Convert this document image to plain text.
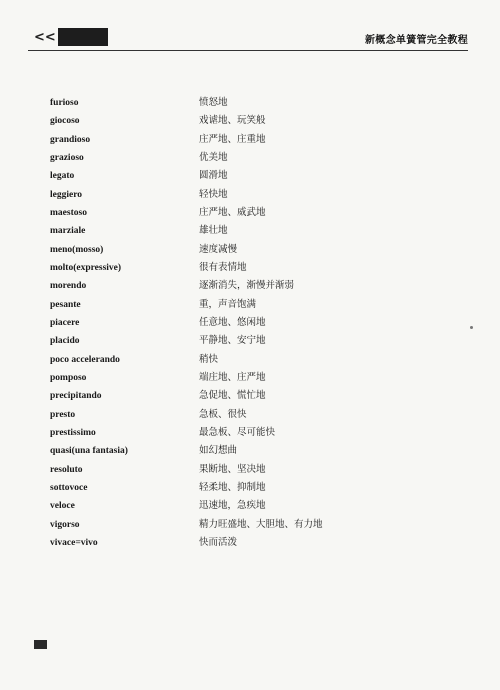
<<	新概念单簧管完全教程
furioso	愤怒地
giocoso	戏谑地、玩笑般
grandioso	庄严地、庄重地
grazioso	优美地
legato	圆滑地
leggiero	轻快地
maestoso	庄严地、威武地
marziale	雄壮地
meno(mosso)	速度减慢
molto(expressive)	很有表情地
morendo	逐渐消失，渐慢并渐弱
pesante	重，声音饱满
piacere	任意地、悠闲地
placido	平静地、安宁地
poco accelerando	稍快
pomposo	端庄地、庄严地
precipitando	急促地、慌忙地
presto	急板、很快
prestissimo	最急板、尽可能快
quasi(una fantasia)	如幻想曲
resoluto	果断地、坚决地
sottovoce	轻柔地、抑制地
veloce	迅速地，急疾地
vigorso	精力旺盛地、大胆地、有力地
vivace=vivo	快而活泼
